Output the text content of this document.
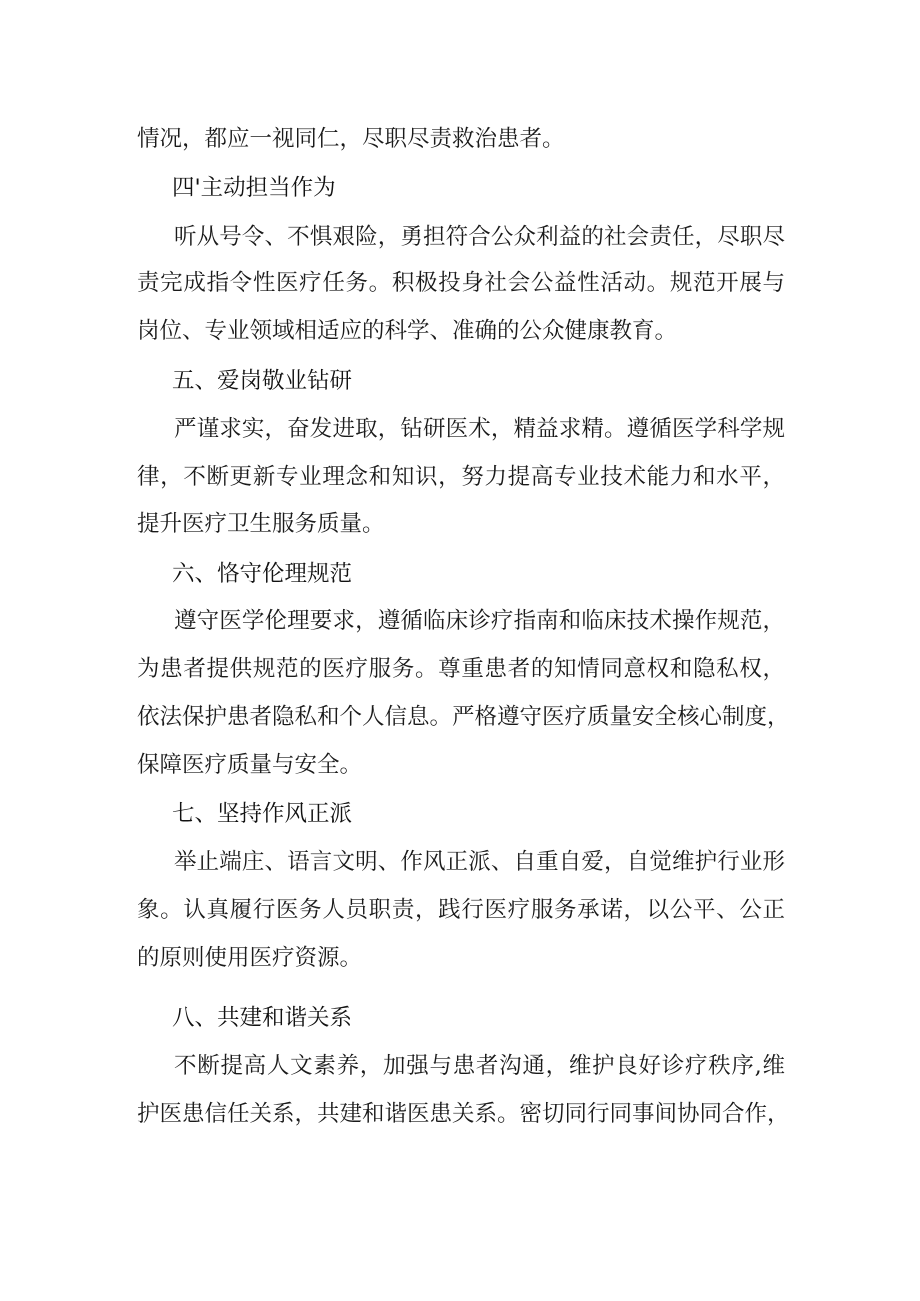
情况，都应一视同仁，尽职尽责救治患者。
四'主动担当作为
听从号令、不惧艰险，勇担符合公众利益的社会责任，尽职尽
责完成指令性医疗任务。积极投身社会公益性活动。规范开展与
岗位、专业领域相适应的科学、准确的公众健康教育。
五、爱岗敬业钻研
严谨求实，奋发进取，钻研医术，精益求精。遵循医学科学规
律，不断更新专业理念和知识，努力提高专业技术能力和水平，
提升医疗卫生服务质量。
六、恪守伦理规范
遵守医学伦理要求，遵循临床诊疗指南和临床技术操作规范，
为患者提供规范的医疗服务。尊重患者的知情同意权和隐私权，
依法保护患者隐私和个人信息。严格遵守医疗质量安全核心制度，
保障医疗质量与安全。
七、坚持作风正派
举止端庄、语言文明、作风正派、自重自爱，自觉维护行业形
象。认真履行医务人员职责，践行医疗服务承诺，以公平、公正
的原则使用医疗资源。
八、共建和谐关系
不断提高人文素养，加强与患者沟通，维护良好诊疗秩序,维
护医患信任关系，共建和谐医患关系。密切同行同事间协同合作，
